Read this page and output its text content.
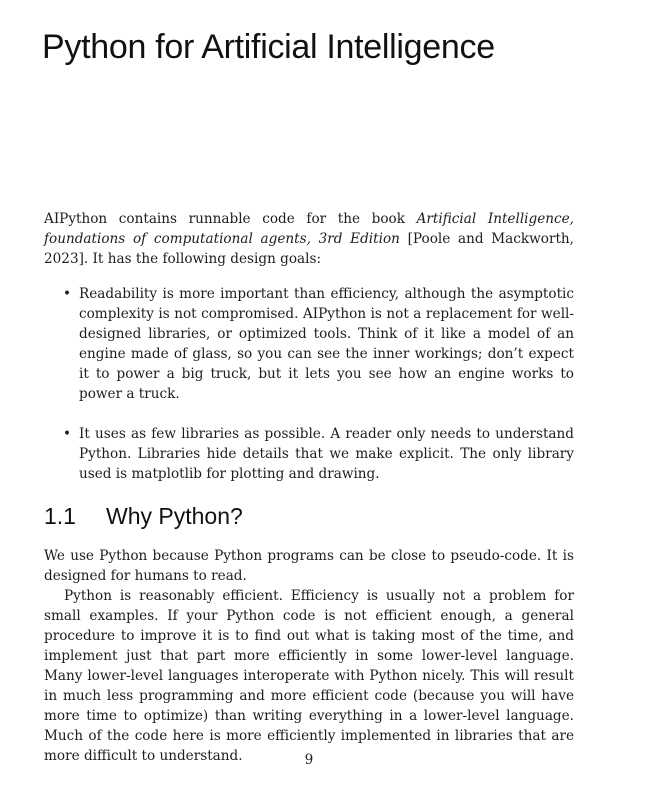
Python for Artificial Intelligence

AIPython contains runnable code for the book Artificial Intelligence, foundations of computational agents, 3rd Edition [Poole and Mackworth, 2023]. It has the following design goals:

• Readability is more important than efficiency, although the asymptotic complexity is not compromised. AIPython is not a replacement for well-designed libraries, or optimized tools. Think of it like a model of an engine made of glass, so you can see the inner workings; don’t expect it to power a big truck, but it lets you see how an engine works to power a truck.
• It uses as few libraries as possible. A reader only needs to understand Python. Libraries hide details that we make explicit. The only library used is matplotlib for plotting and drawing.
1.1 Why Python?

We use Python because Python programs can be close to pseudo-code. It is designed for humans to read.

Python is reasonably efficient. Efficiency is usually not a problem for small examples. If your Python code is not efficient enough, a general procedure to improve it is to find out what is taking most of the time, and implement just that part more efficiently in some lower-level language. Many lower-level languages interoperate with Python nicely. This will result in much less programming and more efficient code (because you will have more time to optimize) than writing everything in a lower-level language. Much of the code here is more efficiently implemented in libraries that are more difficult to understand.	9
